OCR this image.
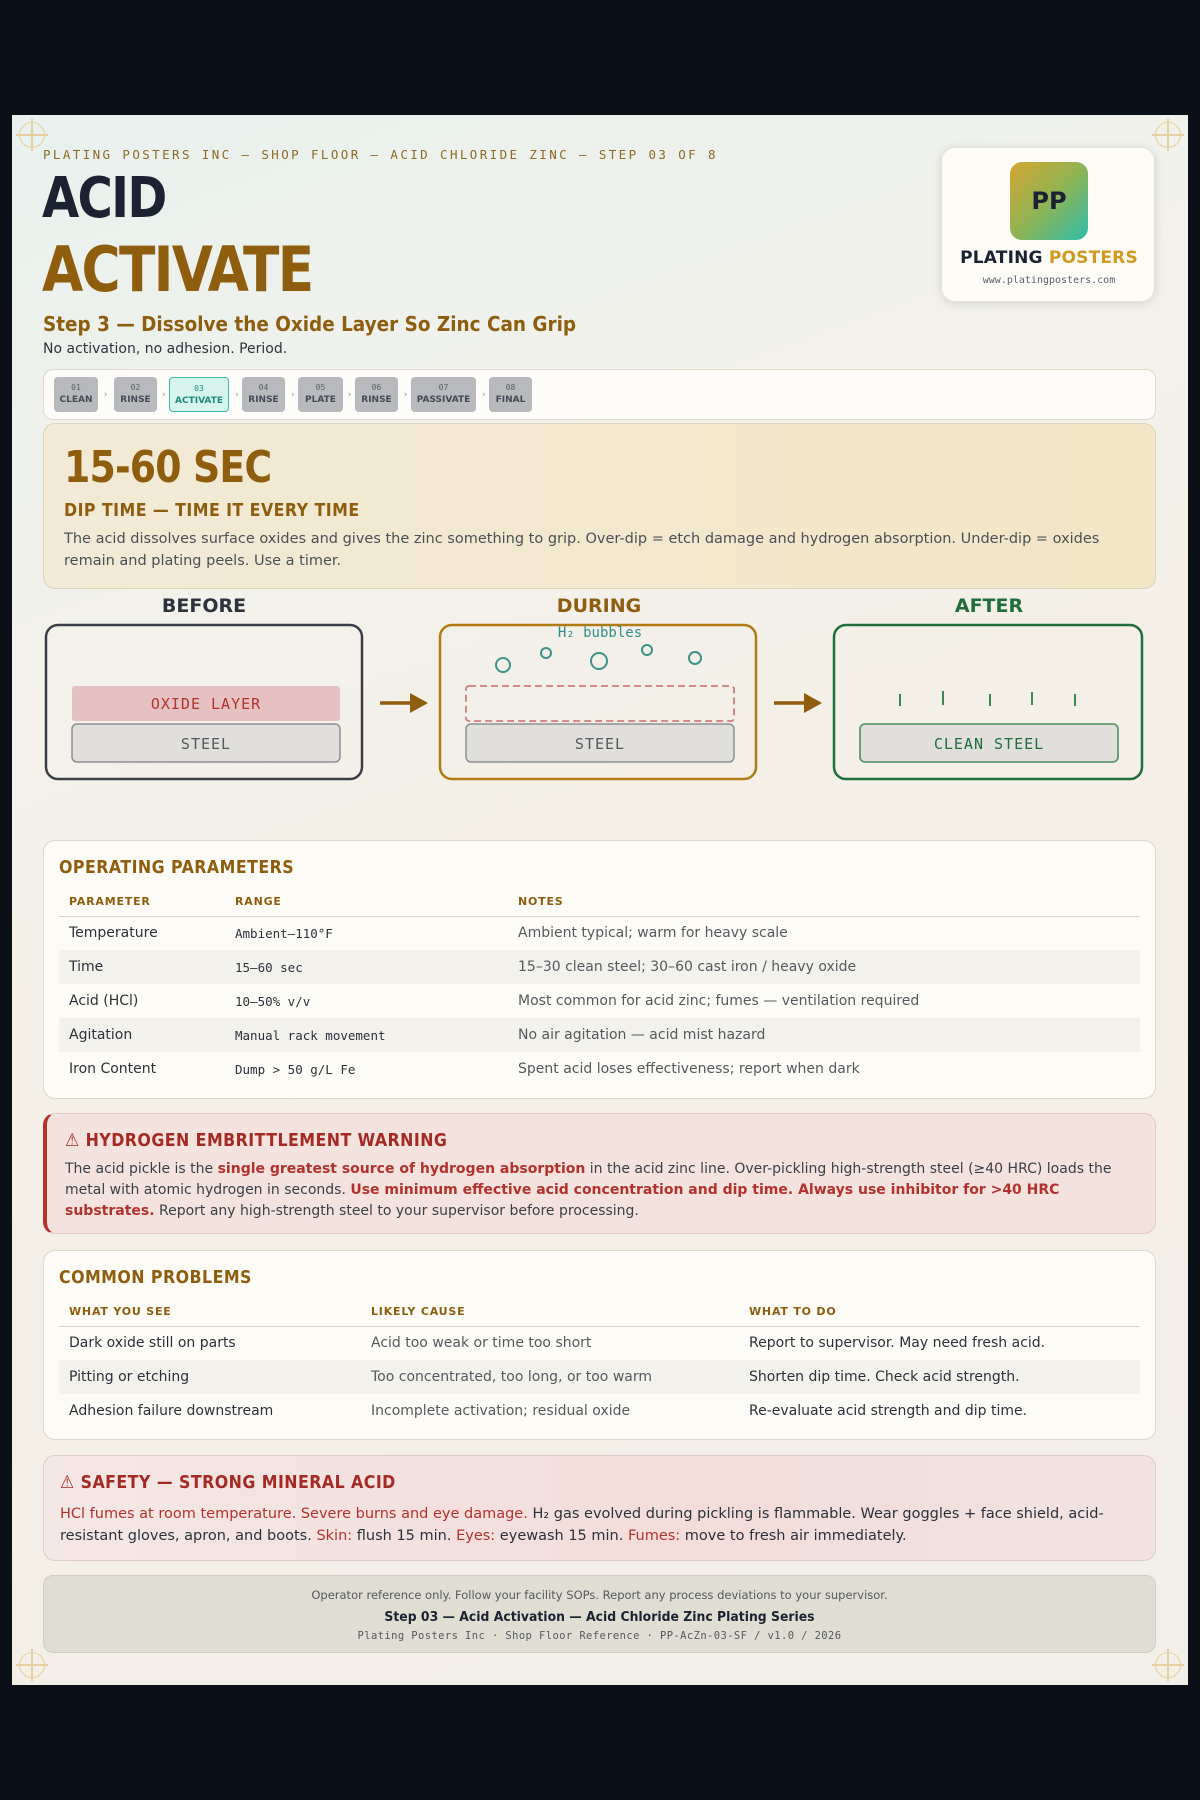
PLATING POSTERS INC — SHOP FLOOR — ACID CHLORIDE ZINC — STEP 03 OF 8
ACID
ACTIVATE
Step 3 — Dissolve the Oxide Layer So Zinc Can Grip
No activation, no adhesion. Period.
PP
PLATING POSTERS
www.platingposters.com
01
CLEAN	›
02
RINSE	›
03
ACTIVATE
›
04
RINSE	›
05
PLATE	›
06
RINSE	›
07
PASSIVATE	›
08
FINAL
15-60 SEC
DIP TIME — TIME IT EVERY TIME
The acid dissolves surface oxides and gives the zinc something to grip. Over-dip = etch damage and hydrogen absorption. Under-dip = oxides remain and plating peels. Use a timer.
BEFORE
OXIDE LAYER
STEEL
DURING
H₂ bubbles
STEEL
AFTER
CLEAN STEEL
OPERATING PARAMETERS
PARAMETER	RANGE	NOTES
Temperature	Ambient–110°F	Ambient typical; warm for heavy scale
Time	15–60 sec	15–30 clean steel; 30–60 cast iron / heavy oxide
Acid (HCl)	10–50% v/v	Most common for acid zinc; fumes — ventilation required
Agitation	Manual rack movement	No air agitation — acid mist hazard
Iron Content	Dump > 50 g/L Fe	Spent acid loses effectiveness; report when dark
⚠ HYDROGEN EMBRITTLEMENT WARNING
The acid pickle is the single greatest source of hydrogen absorption in the acid zinc line. Over-pickling high-strength steel (≥40 HRC) loads the metal with atomic hydrogen in seconds. Use minimum effective acid concentration and dip time. Always use inhibitor for >40 HRC substrates. Report any high-strength steel to your supervisor before processing.
COMMON PROBLEMS
WHAT YOU SEE	LIKELY CAUSE	WHAT TO DO
Dark oxide still on parts	Acid too weak or time too short	Report to supervisor. May need fresh acid.
Pitting or etching	Too concentrated, too long, or too warm	Shorten dip time. Check acid strength.
Adhesion failure downstream	Incomplete activation; residual oxide	Re-evaluate acid strength and dip time.
⚠ SAFETY — STRONG MINERAL ACID
HCl fumes at room temperature. Severe burns and eye damage. H₂ gas evolved during pickling is flammable. Wear goggles + face shield, acid-resistant gloves, apron, and boots. Skin: flush 15 min. Eyes: eyewash 15 min. Fumes: move to fresh air immediately.
Operator reference only. Follow your facility SOPs. Report any process deviations to your supervisor.
Step 03 — Acid Activation — Acid Chloride Zinc Plating Series
Plating Posters Inc · Shop Floor Reference · PP-AcZn-03-SF / v1.0 / 2026
